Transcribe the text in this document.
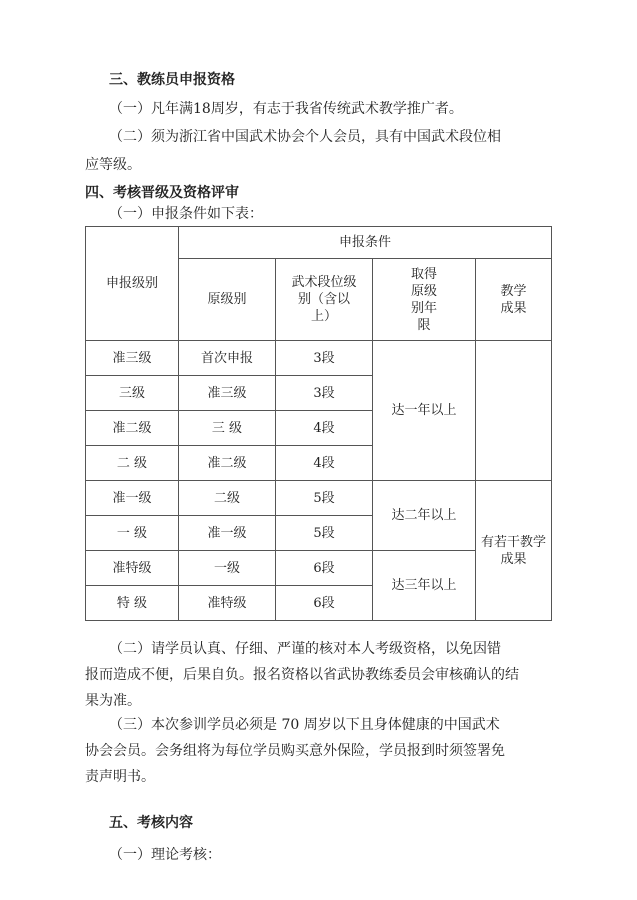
三、教练员申报资格
（一）凡年满18周岁，有志于我省传统武术教学推广者。
（二）须为浙江省中国武术协会个人会员，具有中国武术段位相
应等级。
四、考核晋级及资格评审
（一）申报条件如下表：
申报级别	申报条件			
	原级别	武术段位级
别（含以
上）	取得
原级
别年
限	教学
成果
准三级	首次申报	3段	达一年以上	
三级	准三级	3段		
准二级	三 级	4段		
二 级	准二级	4段		
准一级	二级	5段	达二年以上	有若干教学
成果
一 级	准一级	5段		
准特级	一级	6段	达三年以上	
特 级	准特级	6段		
（二）请学员认真、仔细、严谨的核对本人考级资格，以免因错
报而造成不便，后果自负。报名资格以省武协教练委员会审核确认的结
果为准。
（三）本次参训学员必须是 70 周岁以下且身体健康的中国武术
协会会员。会务组将为每位学员购买意外保险，学员报到时须签署免
责声明书。
五、考核内容
（一）理论考核：
